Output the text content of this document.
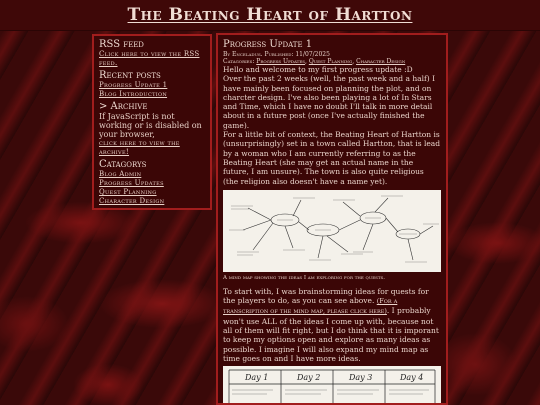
The Beating Heart of Hartton

RSS feed

Click here to view the RSS feed.

Recent posts

Progress Update 1
Blog Introduction

> Archive

If JavaScript is not working or is disabled on your browser,
click here to view the archive!

Catagorys

Blog Admin
Progress Updates
Quest Planning
Character Design

Progress Update 1

By Enceladus. Published: 11/07/2025
Catagories: Progress Updates, Quest Planning, Character Design

Hello and welcome to my first progress update :D

Over the past 2 weeks (well, the past week and a half) I have mainly been focused on planning the plot, and on charcter design. I've also been playing a lot of In Stars and Time, which I have no doubt I'll talk in more detail about in a future post (once I've actually finished the game).

For a little bit of context, the Beating Heart of Hartton is (unsurprisingly) set in a town called Hartton, that is lead by a woman who I am currently referring to as the Beating Heart (she may get an actual name in the future, I am unsure). The town is also quite religious (the religion also doesn't have a name yet).

A mind map showing the ideas I am exploring for the quests.

To start with, I was brainstorming ideas for quests for the players to do, as you can see above. (For a transcription of the mind map, please click here). I probably won't use ALL of the ideas I come up with, because not all of them will fit right, but I do think that it is imporant to keep my options open and explore as many ideas as possible. I imagine I will also expand my mind map as time goes on and I have more ideas.

Day 1	Day 2	Day 3	Day 4
